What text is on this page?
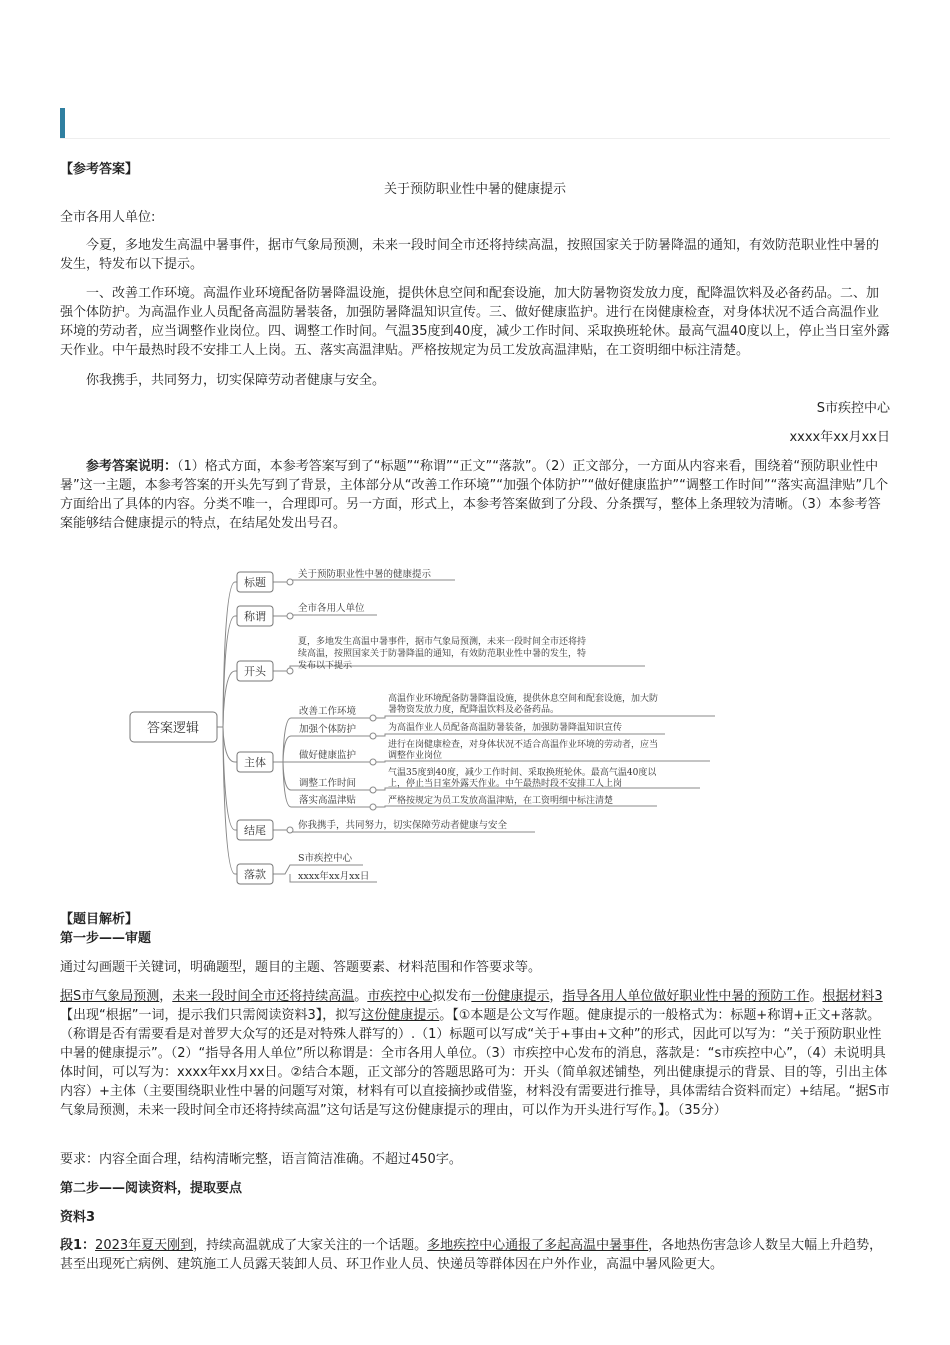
【参考答案】

关于预防职业性中暑的健康提示

全市各用人单位:

今夏，多地发生高温中暑事件，据市气象局预测，未来一段时间全市还将持续高温，按照国家关于防暑降温的通知，有效防范职业性中暑的发生，特发布以下提示。

一、改善工作环境。高温作业环境配备防暑降温设施，提供休息空间和配套设施，加大防暑物资发放力度，配降温饮料及必备药品。二、加强个体防护。为高温作业人员配备高温防暑装备，加强防暑降温知识宣传。三、做好健康监护。进行在岗健康检查，对身体状况不适合高温作业环境的劳动者，应当调整作业岗位。四、调整工作时间。气温35度到40度，减少工作时间、采取换班轮休。最高气温40度以上，停止当日室外露天作业。中午最热时段不安排工人上岗。五、落实高温津贴。严格按规定为员工发放高温津贴，在工资明细中标注清楚。

你我携手，共同努力，切实保障劳动者健康与安全。

S市疾控中心

xxxx年xx月xx日

参考答案说明：（1）格式方面，本参考答案写到了“标题”“称谓”“正文”“落款”。（2）正文部分，一方面从内容来看，围绕着“预防职业性中暑”这一主题，本参考答案的开头先写到了背景，主体部分从“改善工作环境”“加强个体防护”“做好健康监护”“调整工作时间”“落实高温津贴”几个方面给出了具体的内容。分类不唯一，合理即可。另一方面，形式上，本参考答案做到了分段、分条撰写，整体上条理较为清晰。（3）本参考答案能够结合健康提示的特点，在结尾处发出号召。

【题目解析】

第一步——审题

通过勾画题干关键词，明确题型，题目的主题、答题要素、材料范围和作答要求等。

据S市气象局预测，未来一段时间全市还将持续高温。市疾控中心拟发布一份健康提示，指导各用人单位做好职业性中暑的预防工作。根据材料3【出现“根据”一词，提示我们只需阅读资料3】，拟写这份健康提示。【①本题是公文写作题。健康提示的一般格式为：标题+称谓+正文+落款。（称谓是否有需要看是对普罗大众写的还是对特殊人群写的）.（1）标题可以写成“关于+事由+文种”的形式，因此可以写为：“关于预防职业性中暑的健康提示”。（2）“指导各用人单位”所以称谓是：全市各用人单位。（3）市疾控中心发布的消息，落款是：“s市疾控中心”，（4）未说明具体时间，可以写为：xxxx年xx月xx日。②结合本题，正文部分的答题思路可为：开头（简单叙述铺垫，列出健康提示的背景、目的等，引出主体内容）+主体（主要围绕职业性中暑的问题写对策，材料有可以直接摘抄或借鉴，材料没有需要进行推导，具体需结合资料而定）+结尾。“据S市气象局预测，未来一段时间全市还将持续高温”这句话是写这份健康提示的理由，可以作为开头进行写作。】。（35分）

要求：内容全面合理，结构清晰完整，语言简洁准确。不超过450字。

第二步——阅读资料，提取要点

资料3

段1：2023年夏天刚到，持续高温就成了大家关注的一个话题。多地疾控中心通报了多起高温中暑事件，各地热伤害急诊人数呈大幅上升趋势，甚至出现死亡病例、建筑施工人员露天装卸人员、环卫作业人员、快递员等群体因在户外作业，高温中暑风险更大。

答案逻辑
标题
称谓
开头
主体
结尾
落款
关于预防职业性中暑的健康提示
全市各用人单位
夏，多地发生高温中暑事件，据市气象局预测，未来一段时间全市还将持
续高温，按照国家关于防暑降温的通知，有效防范职业性中暑的发生，特
发布以下提示
改善工作环境
加强个体防护
做好健康监护
调整工作时间
落实高温津贴
高温作业环境配备防暑降温设施，提供休息空间和配套设施，加大防
暑物资发放力度，配降温饮料及必备药品。
为高温作业人员配备高温防暑装备，加强防暑降温知识宣传
进行在岗健康检查，对身体状况不适合高温作业环境的劳动者，应当
调整作业岗位
气温35度到40度，减少工作时间、采取换班轮休。最高气温40度以
上，停止当日室外露天作业。中午最热时段不安排工人上岗
严格按规定为员工发放高温津贴，在工资明细中标注清楚
你我携手，共同努力，切实保障劳动者健康与安全
S市疾控中心
xxxx年xx月xx日
